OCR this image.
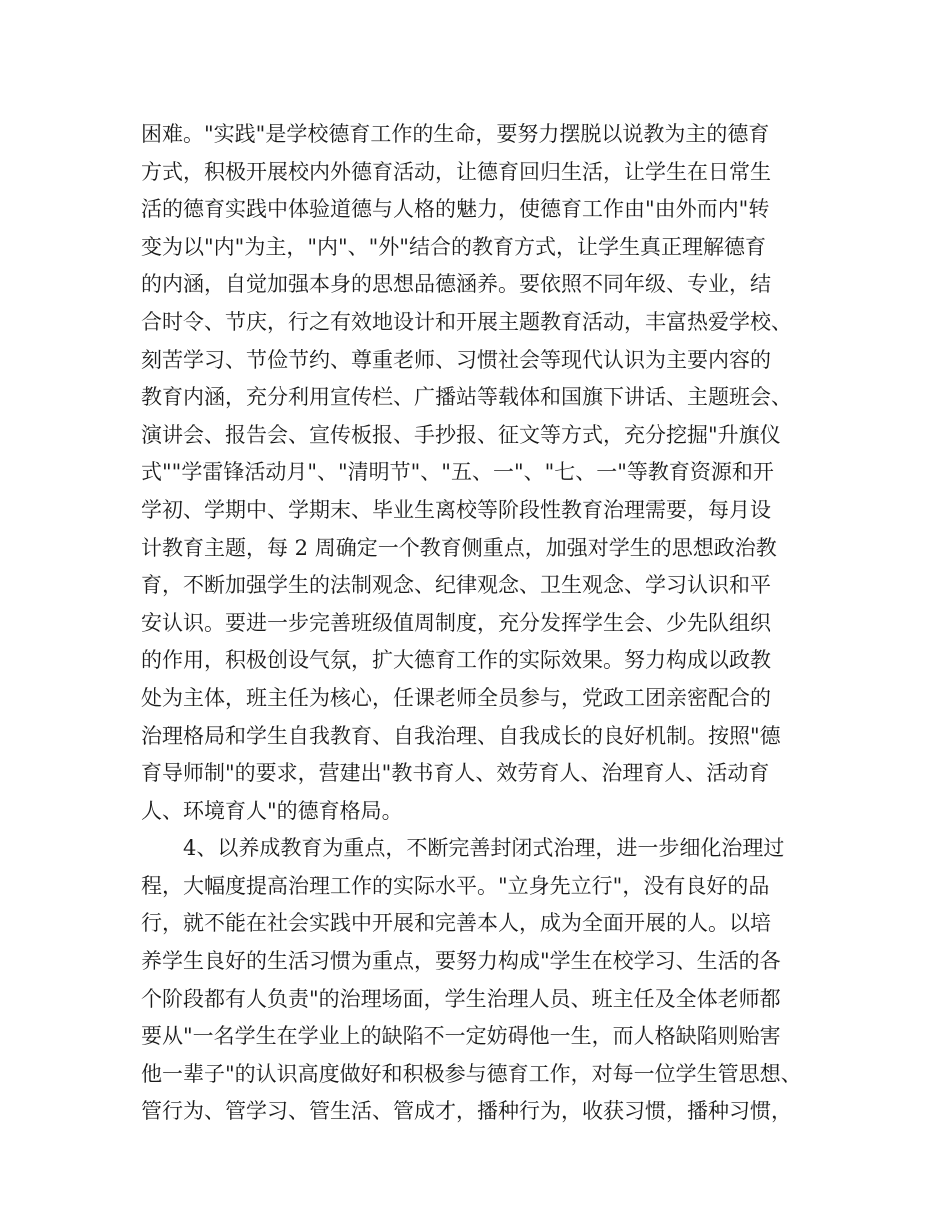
困难。"实践"是学校德育工作的生命，要努力摆脱以说教为主的德育
方式，积极开展校内外德育活动，让德育回归生活，让学生在日常生
活的德育实践中体验道德与人格的魅力，使德育工作由"由外而内"转
变为以"内"为主，"内"、"外"结合的教育方式，让学生真正理解德育
的内涵，自觉加强本身的思想品德涵养。要依照不同年级、专业，结
合时令、节庆，行之有效地设计和开展主题教育活动，丰富热爱学校、
刻苦学习、节俭节约、尊重老师、习惯社会等现代认识为主要内容的
教育内涵，充分利用宣传栏、广播站等载体和国旗下讲话、主题班会、
演讲会、报告会、宣传板报、手抄报、征文等方式，充分挖掘"升旗仪
式""学雷锋活动月"、"清明节"、"五、一"、"七、一"等教育资源和开
学初、学期中、学期末、毕业生离校等阶段性教育治理需要，每月设
计教育主题，每 2 周确定一个教育侧重点，加强对学生的思想政治教
育，不断加强学生的法制观念、纪律观念、卫生观念、学习认识和平
安认识。要进一步完善班级值周制度，充分发挥学生会、少先队组织
的作用，积极创设气氛，扩大德育工作的实际效果。努力构成以政教
处为主体，班主任为核心，任课老师全员参与，党政工团亲密配合的
治理格局和学生自我教育、自我治理、自我成长的良好机制。按照"德
育导师制"的要求，营建出"教书育人、效劳育人、治理育人、活动育
人、环境育人"的德育格局。
4、以养成教育为重点，不断完善封闭式治理，进一步细化治理过
程，大幅度提高治理工作的实际水平。"立身先立行"，没有良好的品
行，就不能在社会实践中开展和完善本人，成为全面开展的人。以培
养学生良好的生活习惯为重点，要努力构成"学生在校学习、生活的各
个阶段都有人负责"的治理场面，学生治理人员、班主任及全体老师都
要从"一名学生在学业上的缺陷不一定妨碍他一生，而人格缺陷则贻害
他一辈子"的认识高度做好和积极参与德育工作，对每一位学生管思想、
管行为、管学习、管生活、管成才，播种行为，收获习惯，播种习惯，
